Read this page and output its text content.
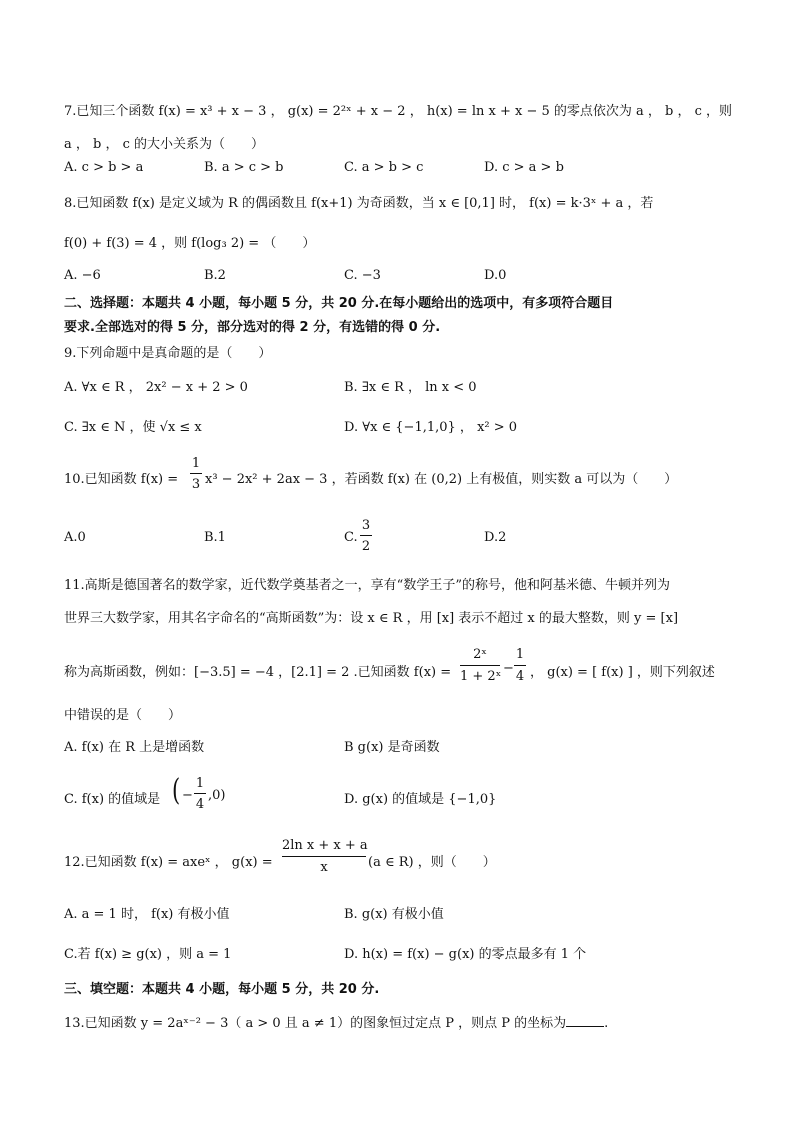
7.已知三个函数 f(x) = x³ + x − 3 ， g(x) = 2²ˣ + x − 2 ， h(x) = ln x + x − 5 的零点依次为 a ， b ， c ，则
a ， b ， c 的大小关系为（　　）
A. c > b > a	B. a > c > b	C. a > b > c	D. c > a > b
8.已知函数 f(x) 是定义域为 R 的偶函数且 f(x+1) 为奇函数，当 x ∈ [0,1] 时， f(x) = k·3ˣ + a ，若
f(0) + f(3) = 4 ，则 f(log₃ 2) = （　　）
A. −6	B.2	C. −3	D.0
二、选择题：本题共 4 小题，每小题 5 分，共 20 分.在每小题给出的选项中，有多项符合题目
要求.全部选对的得 5 分，部分选对的得 2 分，有选错的得 0 分.
9.下列命题中是真命题的是（　　）
A. ∀x ∈ R ， 2x² − x + 2 > 0	B. ∃x ∈ R ， ln x < 0
C. ∃x ∈ N ，使 √x ≤ x	D. ∀x ∈ {−1,1,0} ， x² > 0
10.已知函数 f(x) =
1
3 x³ − 2x² + 2ax − 3 ，若函数 f(x) 在 (0,2) 上有极值，则实数 a 可以为（　　）
A.0	B.1	C.
3
2
D.2
11.高斯是德国著名的数学家，近代数学奠基者之一，享有“数学王子”的称号，他和阿基米德、牛顿并列为
世界三大数学家，用其名字命名的“高斯函数”为：设 x ∈ R ，用 [x] 表示不超过 x 的最大整数，则 y = [x]
称为高斯函数，例如：[−3.5] = −4 ，[2.1] = 2 .已知函数 f(x) =
2ˣ
1 + 2ˣ
−
1
4 ， g(x) = [ f(x) ] ，则下列叙述
中错误的是（　　）
A. f(x) 在 R 上是增函数	B g(x) 是奇函数
C. f(x) 的值域是 ( −
1
4
,0)	D. g(x) 的值域是 {−1,0}
12.已知函数 f(x) = axeˣ ， g(x) =
2ln x + x + a
x	(a ∈ R) ，则（　　）
A. a = 1 时， f(x) 有极小值	B. g(x) 有极小值
C.若 f(x) ≥ g(x) ，则 a = 1	D. h(x) = f(x) − g(x) 的零点最多有 1 个
三、填空题：本题共 4 小题，每小题 5 分，共 20 分.
13.已知函数 y = 2aˣ⁻² − 3（ a > 0 且 a ≠ 1）的图象恒过定点 P ，则点 P 的坐标为	.
